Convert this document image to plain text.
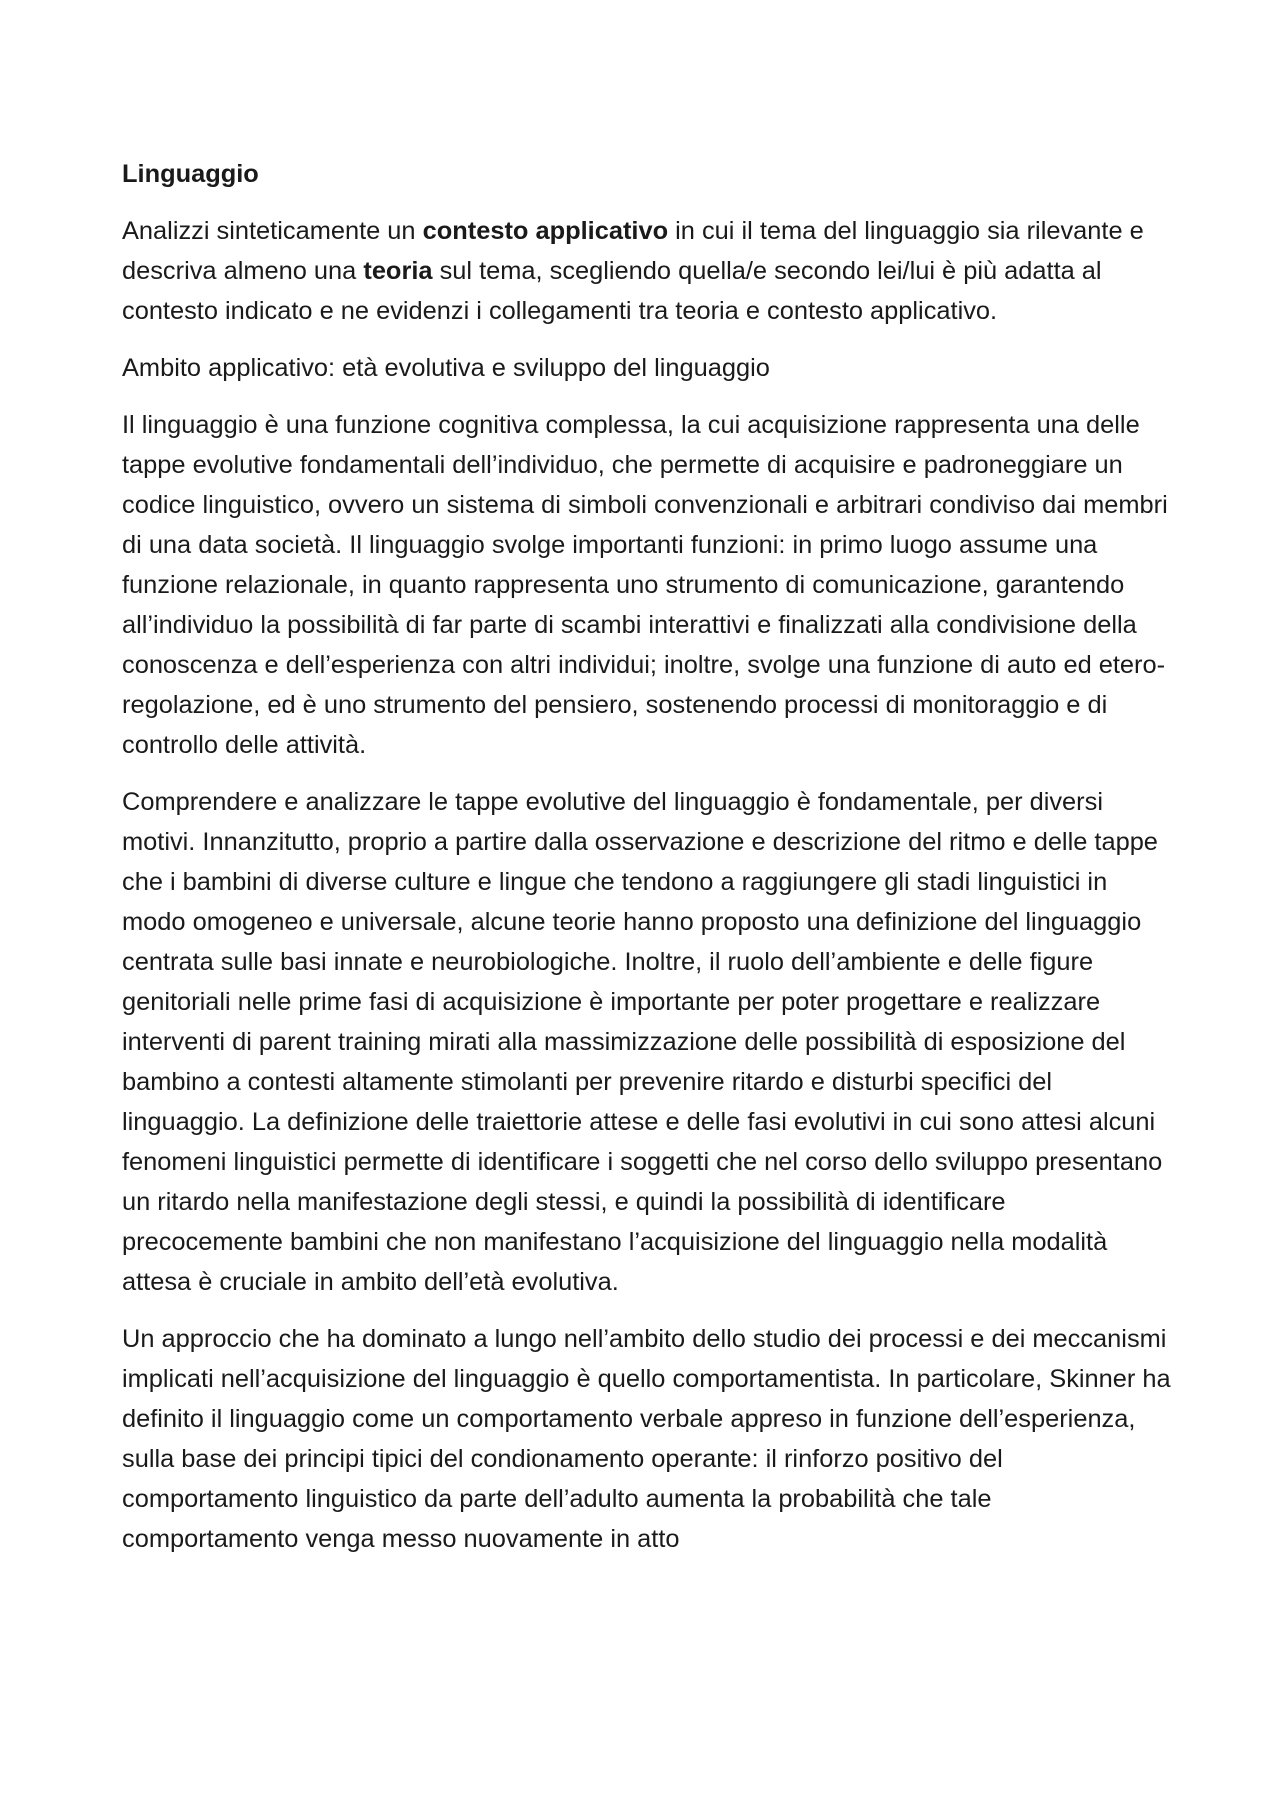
Linguaggio

Analizzi sinteticamente un contesto applicativo in cui il tema del linguaggio sia rilevante e descriva almeno una teoria sul tema, scegliendo quella/e secondo lei/lui è più adatta al contesto indicato e ne evidenzi i collegamenti tra teoria e contesto applicativo.

Ambito applicativo: età evolutiva e sviluppo del linguaggio

Il linguaggio è una funzione cognitiva complessa, la cui acquisizione rappresenta una delle tappe evolutive fondamentali dell’individuo, che permette di acquisire e padroneggiare un codice linguistico, ovvero un sistema di simboli convenzionali e arbitrari condiviso dai membri di una data società. Il linguaggio svolge importanti funzioni: in primo luogo assume una funzione relazionale, in quanto rappresenta uno strumento di comunicazione, garantendo all’individuo la possibilità di far parte di scambi interattivi e finalizzati alla condivisione della conoscenza e dell’esperienza con altri individui; inoltre, svolge una funzione di auto ed etero-regolazione, ed è uno strumento del pensiero, sostenendo processi di monitoraggio e di controllo delle attività.

Comprendere e analizzare le tappe evolutive del linguaggio è fondamentale, per diversi motivi. Innanzitutto, proprio a partire dalla osservazione e descrizione del ritmo e delle tappe che i bambini di diverse culture e lingue che tendono a raggiungere gli stadi linguistici in modo omogeneo e universale, alcune teorie hanno proposto una definizione del linguaggio centrata sulle basi innate e neurobiologiche. Inoltre, il ruolo dell’ambiente e delle figure genitoriali nelle prime fasi di acquisizione è importante per poter progettare e realizzare interventi di parent training mirati alla massimizzazione delle possibilità di esposizione del bambino a contesti altamente stimolanti per prevenire ritardo e disturbi specifici del linguaggio. La definizione delle traiettorie attese e delle fasi evolutivi in cui sono attesi alcuni fenomeni linguistici permette di identificare i soggetti che nel corso dello sviluppo presentano un ritardo nella manifestazione degli stessi, e quindi la possibilità di identificare precocemente bambini che non manifestano l’acquisizione del linguaggio nella modalità attesa è cruciale in ambito dell’età evolutiva.

Un approccio che ha dominato a lungo nell’ambito dello studio dei processi e dei meccanismi implicati nell’acquisizione del linguaggio è quello comportamentista. In particolare, Skinner ha definito il linguaggio come un comportamento verbale appreso in funzione dell’esperienza, sulla base dei principi tipici del condionamento operante: il rinforzo positivo del comportamento linguistico da parte dell’adulto aumenta la probabilità che tale comportamento venga messo nuovamente in atto
